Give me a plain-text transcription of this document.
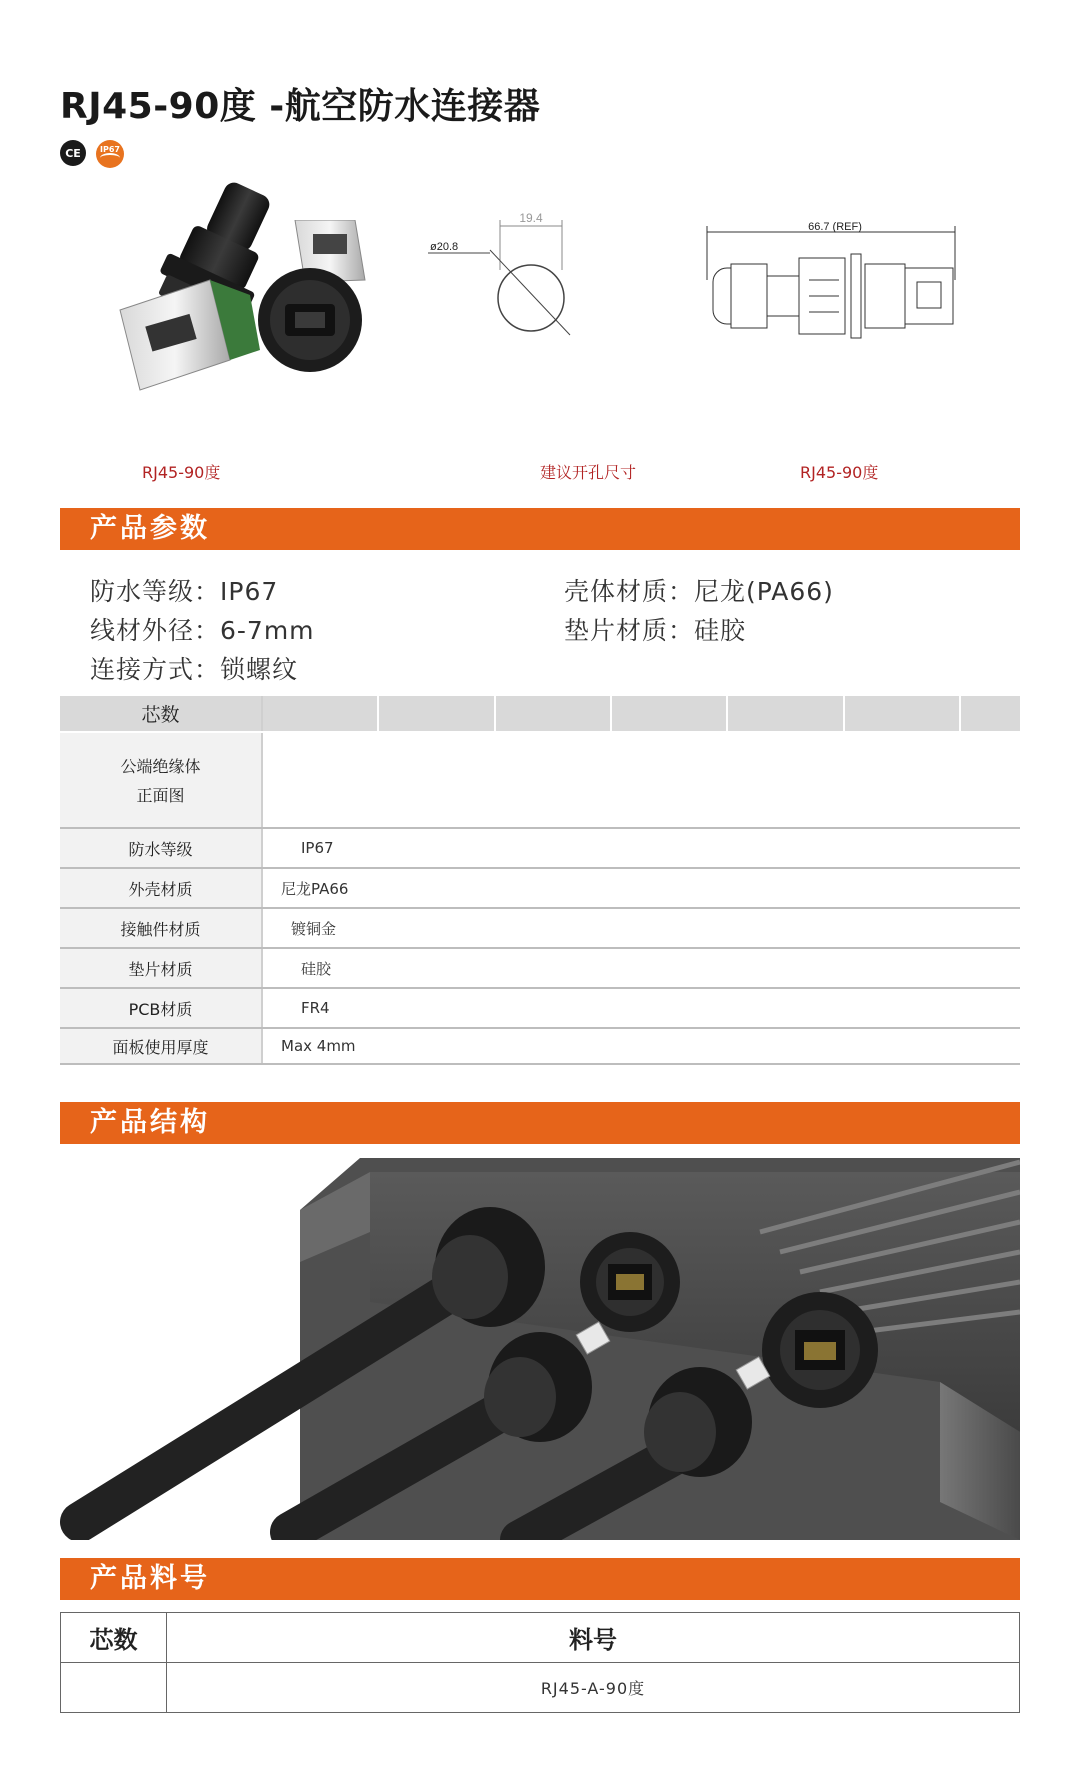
RJ45-90度 -航空防水连接器
CE	IP67
19.4
ø20.8
66.7 (REF)
RJ45-90度	建议开孔尺寸	RJ45-90度
产品参数
防水等级：IP67
线材外径：6-7mm
连接方式：锁螺纹
壳体材质：尼龙(PA66)
垫片材质：硅胶
芯数							

公端绝缘体
正面图							

防水等级	IP67						
外壳材质	尼龙PA66						
接触件材质	镀铜金						
垫片材质	硅胶						
PCB材质	FR4						
面板使用厚度	Max 4mm						
产品结构
产品料号
芯数	料号
	RJ45-A-90度
